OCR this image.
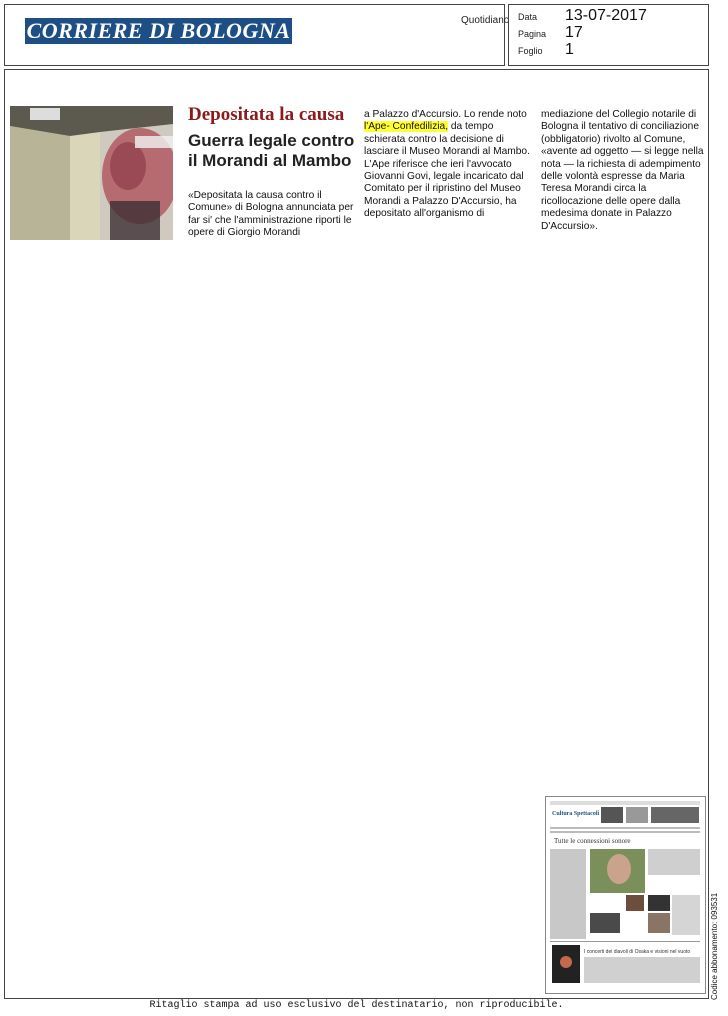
CORRIERE DI BOLOGNA	Quotidiano Data 13-07-2017
Pagina 17
Foglio 1
Depositata la causa
Guerra legale contro il Morandi al Mambo

«Depositata la causa contro il Comune» di Bologna annunciata per far si' che l'amministrazione riporti le opere di Giorgio Morandi

a Palazzo d'Accursio. Lo rende noto l'Ape- Confedilizia, da tempo schierata contro la decisione di lasciare il Museo Morandi al Mambo.
L'Ape riferisce che ieri l'avvocato Giovanni Govi, legale incaricato dal Comitato per il ripristino del Museo Morandi a Palazzo D'Accursio, ha depositato all'organismo di

mediazione del Collegio notarile di Bologna il tentativo di conciliazione (obbligatorio) rivolto al Comune, «avente ad oggetto — si legge nella nota — la richiesta di adempimento delle volontà espresse da Maria Teresa Morandi circa la ricollocazione delle opere dalla medesima donate in Palazzo D'Accursio».

Cultura Spettacoli
Tutte le connessioni sonore
I concerti dei diavoli di Osaka e visioni nel vuoto Codice abbonamento: 093531
Ritaglio stampa ad uso esclusivo del destinatario, non riproducibile.
